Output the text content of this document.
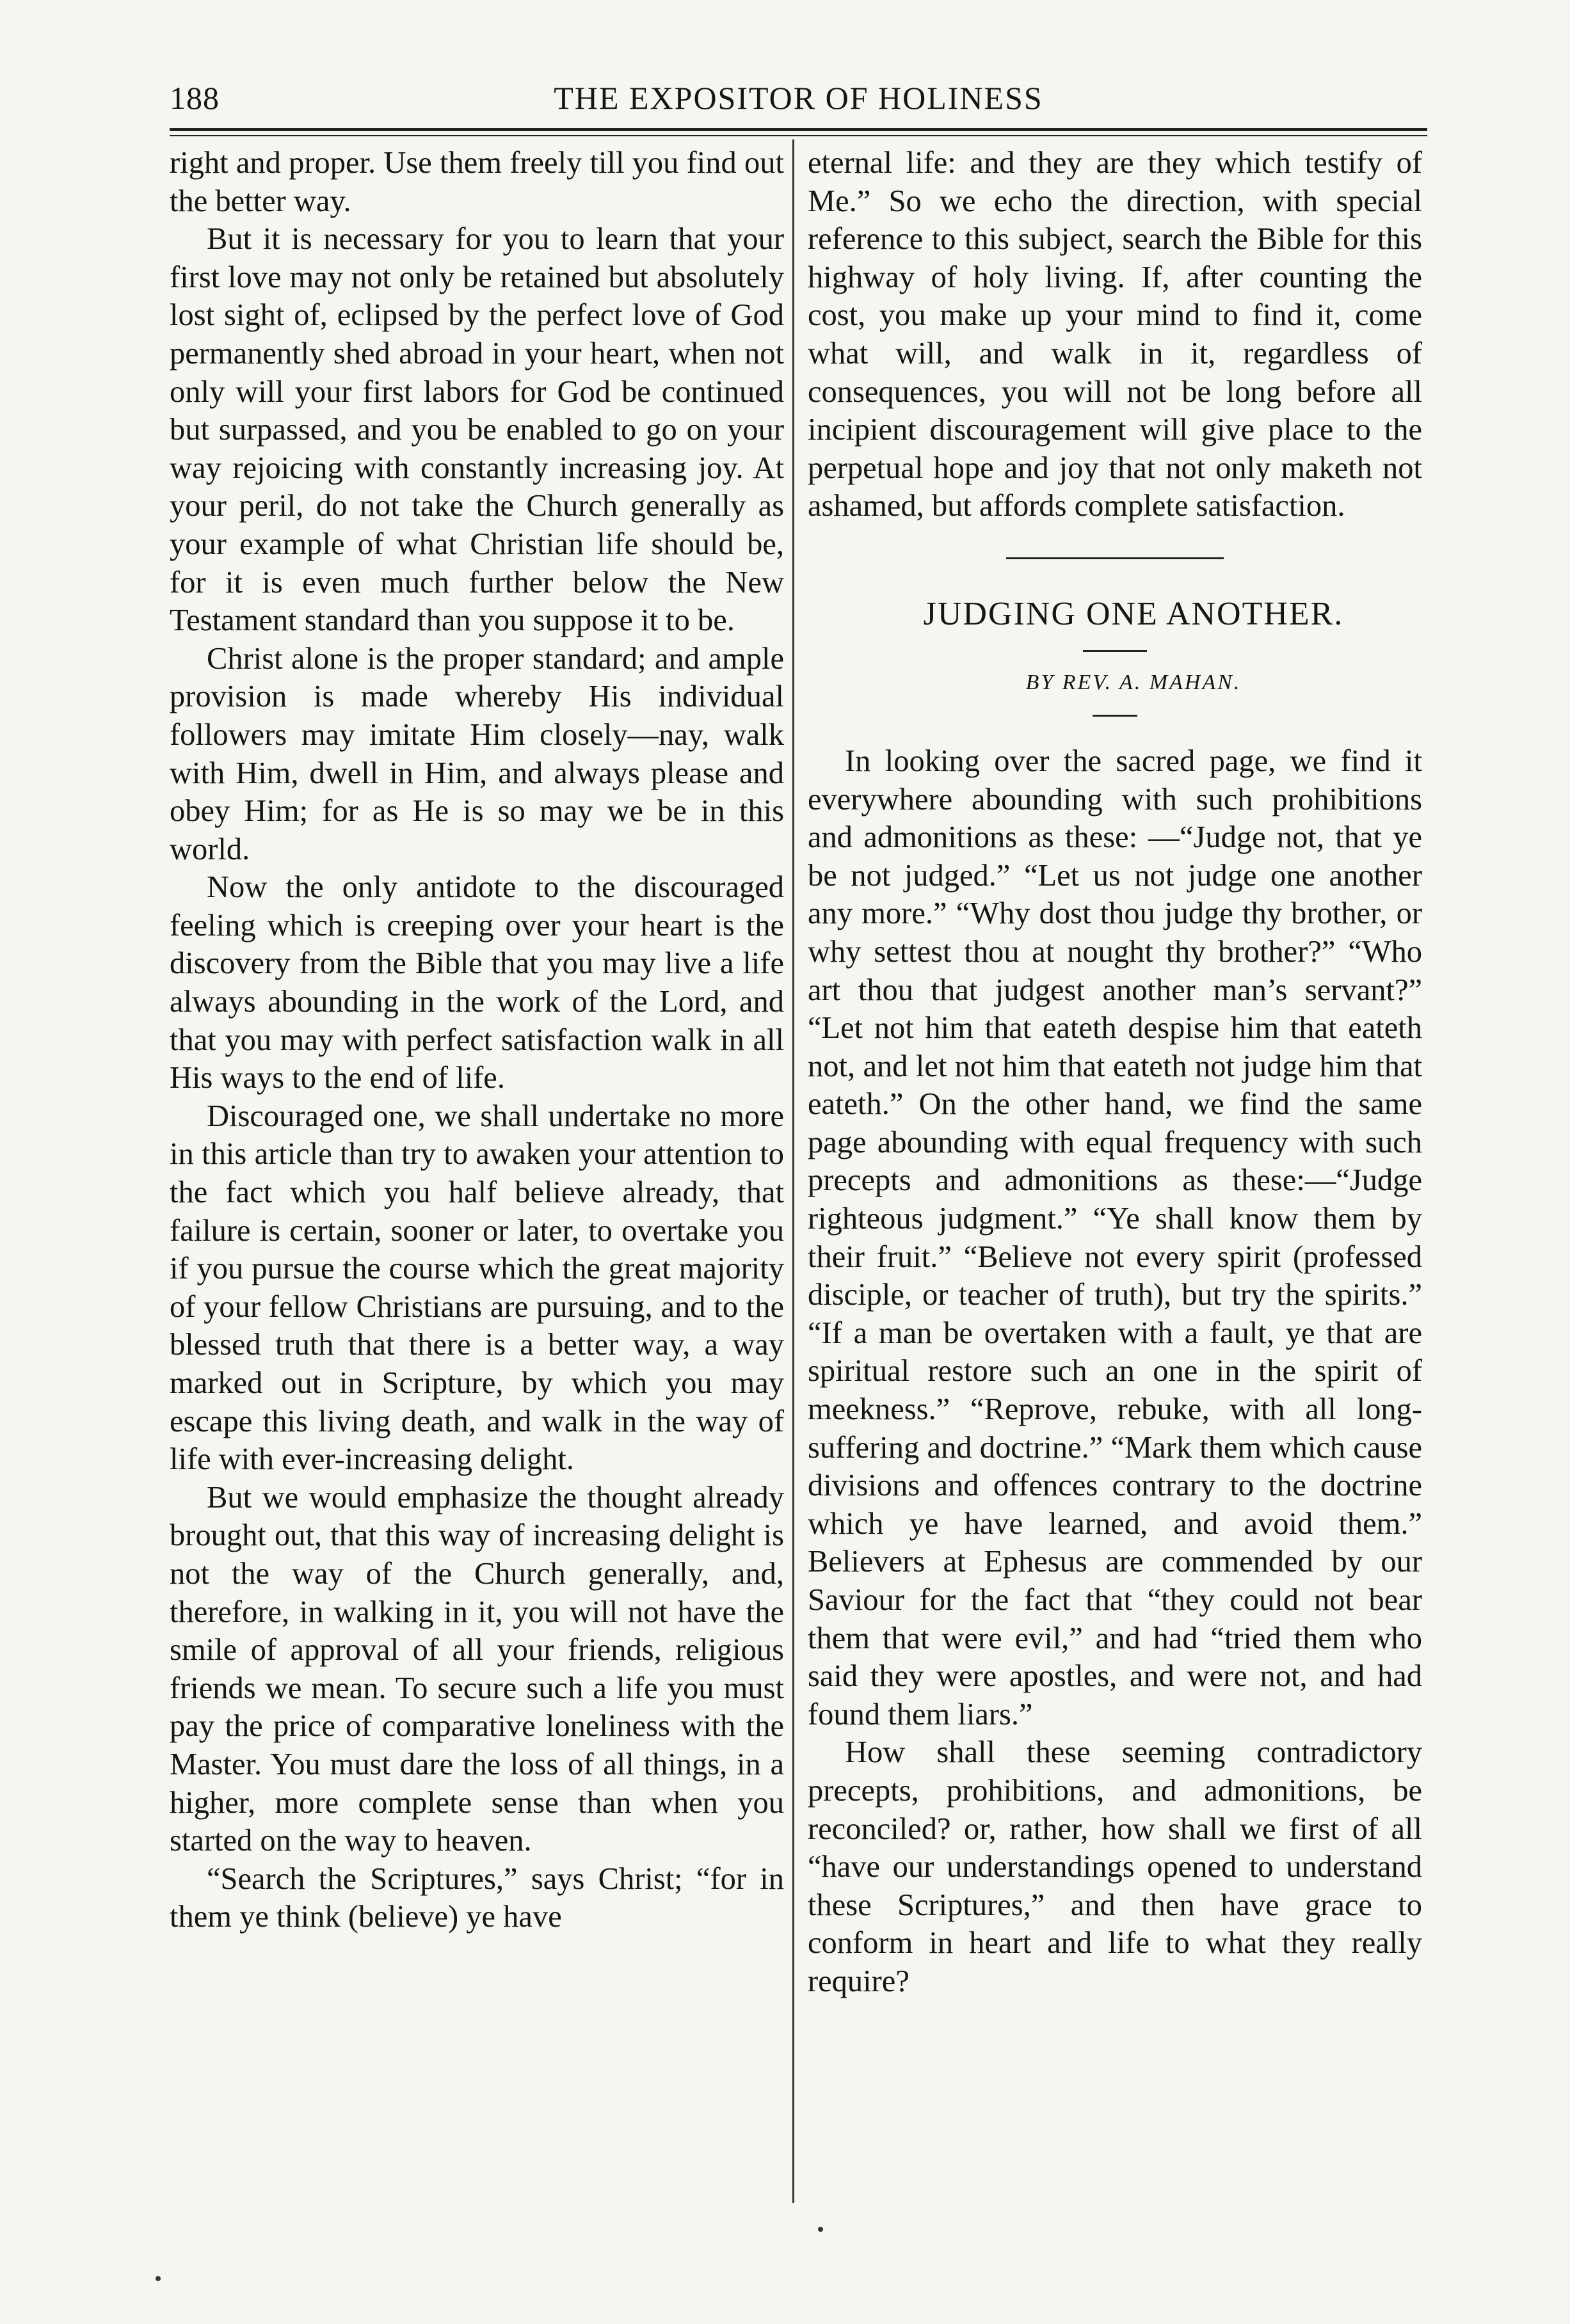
188	THE EXPOSITOR OF HOLINESS

right and proper. Use them freely till you find out the better way.

But it is necessary for you to learn that your first love may not only be retained but absolutely lost sight of, eclipsed by the perfect love of God permanently shed abroad in your heart, when not only will your first labors for God be continued but surpassed, and you be enabled to go on your way rejoicing with constantly increasing joy. At your peril, do not take the Church generally as your example of what Christian life should be, for it is even much further below the New Testament standard than you suppose it to be.

Christ alone is the proper standard; and ample provision is made whereby His individual followers may imitate Him closely—nay, walk with Him, dwell in Him, and always please and obey Him; for as He is so may we be in this world.

Now the only antidote to the discouraged feeling which is creeping over your heart is the discovery from the Bible that you may live a life always abounding in the work of the Lord, and that you may with perfect satisfaction walk in all His ways to the end of life.

Discouraged one, we shall undertake no more in this article than try to awaken your attention to the fact which you half believe already, that failure is certain, sooner or later, to overtake you if you pursue the course which the great majority of your fellow Christians are pursuing, and to the blessed truth that there is a better way, a way marked out in Scripture, by which you may escape this living death, and walk in the way of life with ever-increasing delight.

But we would emphasize the thought already brought out, that this way of increasing delight is not the way of the Church generally, and, therefore, in walking in it, you will not have the smile of approval of all your friends, religious friends we mean. To secure such a life you must pay the price of comparative loneliness with the Master. You must dare the loss of all things, in a higher, more complete sense than when you started on the way to heaven.

“Search the Scriptures,” says Christ; “for in them ye think (believe) ye have

eternal life: and they are they which testify of Me.” So we echo the direction, with special reference to this subject, search the Bible for this highway of holy living. If, after counting the cost, you make up your mind to find it, come what will, and walk in it, regardless of consequences, you will not be long before all incipient discouragement will give place to the perpetual hope and joy that not only maketh not ashamed, but affords complete satisfaction.

JUDGING ONE ANOTHER.

BY REV. A. MAHAN.

In looking over the sacred page, we find it everywhere abounding with such prohibitions and admonitions as these: —“Judge not, that ye be not judged.” “Let us not judge one another any more.” “Why dost thou judge thy brother, or why settest thou at nought thy brother?” “Who art thou that judgest another man’s servant?” “Let not him that eateth despise him that eateth not, and let not him that eateth not judge him that eateth.” On the other hand, we find the same page abounding with equal frequency with such precepts and admonitions as these:—“Judge righteous judgment.” “Ye shall know them by their fruit.” “Believe not every spirit (professed disciple, or teacher of truth), but try the spirits.” “If a man be overtaken with a fault, ye that are spiritual restore such an one in the spirit of meekness.” “Reprove, rebuke, with all long-suffering and doctrine.” “Mark them which cause divisions and offences contrary to the doctrine which ye have learned, and avoid them.” Believers at Ephesus are commended by our Saviour for the fact that “they could not bear them that were evil,” and had “tried them who said they were apostles, and were not, and had found them liars.”

How shall these seeming contradictory precepts, prohibitions, and admonitions, be reconciled? or, rather, how shall we first of all “have our understandings opened to understand these Scriptures,” and then have grace to conform in heart and life to what they really require?
